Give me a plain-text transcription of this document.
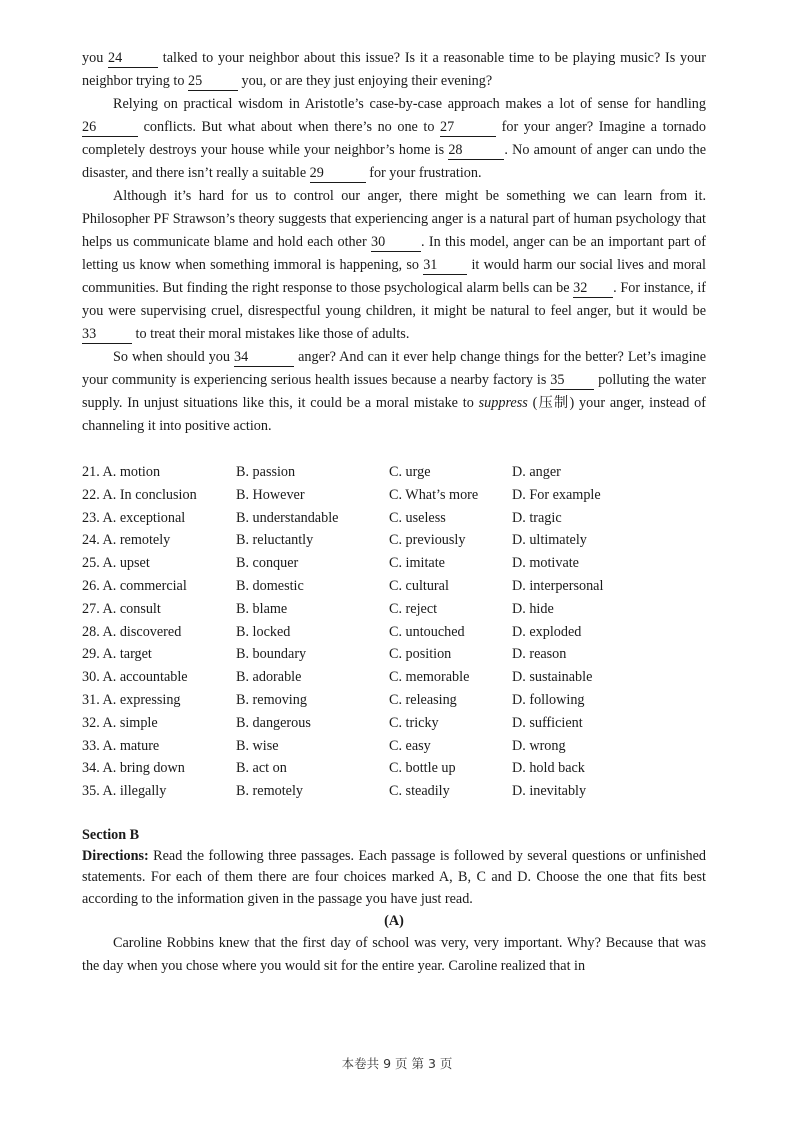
you 24	talked to your neighbor about this issue? Is it a reasonable time to be playing music? Is your neighbor trying to 25	you, or are they just enjoying their evening?

Relying on practical wisdom in Aristotle’s case-by-case approach makes a lot of sense for handling 26	conflicts. But what about when there’s no one to 27	for your anger? Imagine a tornado completely destroys your house while your neighbor’s home is 28	. No amount of anger can undo the disaster, and there isn’t really a suitable 29	for your frustration.

Although it’s hard for us to control our anger, there might be something we can learn from it. Philosopher PF Strawson’s theory suggests that experiencing anger is a natural part of human psychology that helps us communicate blame and hold each other 30	. In this model, anger can be an important part of letting us know when something immoral is happening, so 31 it would harm our social lives and moral communities. But finding the right response to those psychological alarm bells can be 32 . For instance, if you were supervising cruel, disrespectful young children, it might be natural to feel anger, but it would be 33	to treat their moral mistakes like those of adults.

So when should you 34	anger? And can it ever help change things for the better? Let’s imagine your community is experiencing serious health issues because a nearby factory is 35 polluting the water supply. In unjust situations like this, it could be a moral mistake to suppress (压制) your anger, instead of channeling it into positive action.

21. A. motion	B. passion	C. urge	D. anger
22. A. In conclusion	B. However	C. What’s more	D. For example
23. A. exceptional	B. understandable	C. useless	D. tragic
24. A. remotely	B. reluctantly	C. previously	D. ultimately
25. A. upset	B. conquer	C. imitate	D. motivate
26. A. commercial	B. domestic	C. cultural	D. interpersonal
27. A. consult	B. blame	C. reject	D. hide
28. A. discovered	B. locked	C. untouched	D. exploded
29. A. target	B. boundary	C. position	D. reason
30. A. accountable	B. adorable	C. memorable	D. sustainable
31. A. expressing	B. removing	C. releasing	D. following
32. A. simple	B. dangerous	C. tricky	D. sufficient
33. A. mature	B. wise	C. easy	D. wrong
34. A. bring down	B. act on	C. bottle up	D. hold back
35. A. illegally	B. remotely	C. steadily	D. inevitably
Section B

Directions: Read the following three passages. Each passage is followed by several questions or unfinished statements. For each of them there are four choices marked A, B, C and D. Choose the one that fits best according to the information given in the passage you have just read.

(A)

Caroline Robbins knew that the first day of school was very, very important. Why? Because that was the day when you chose where you would sit for the entire year. Caroline realized that in

本卷共 9 页 第 3 页
